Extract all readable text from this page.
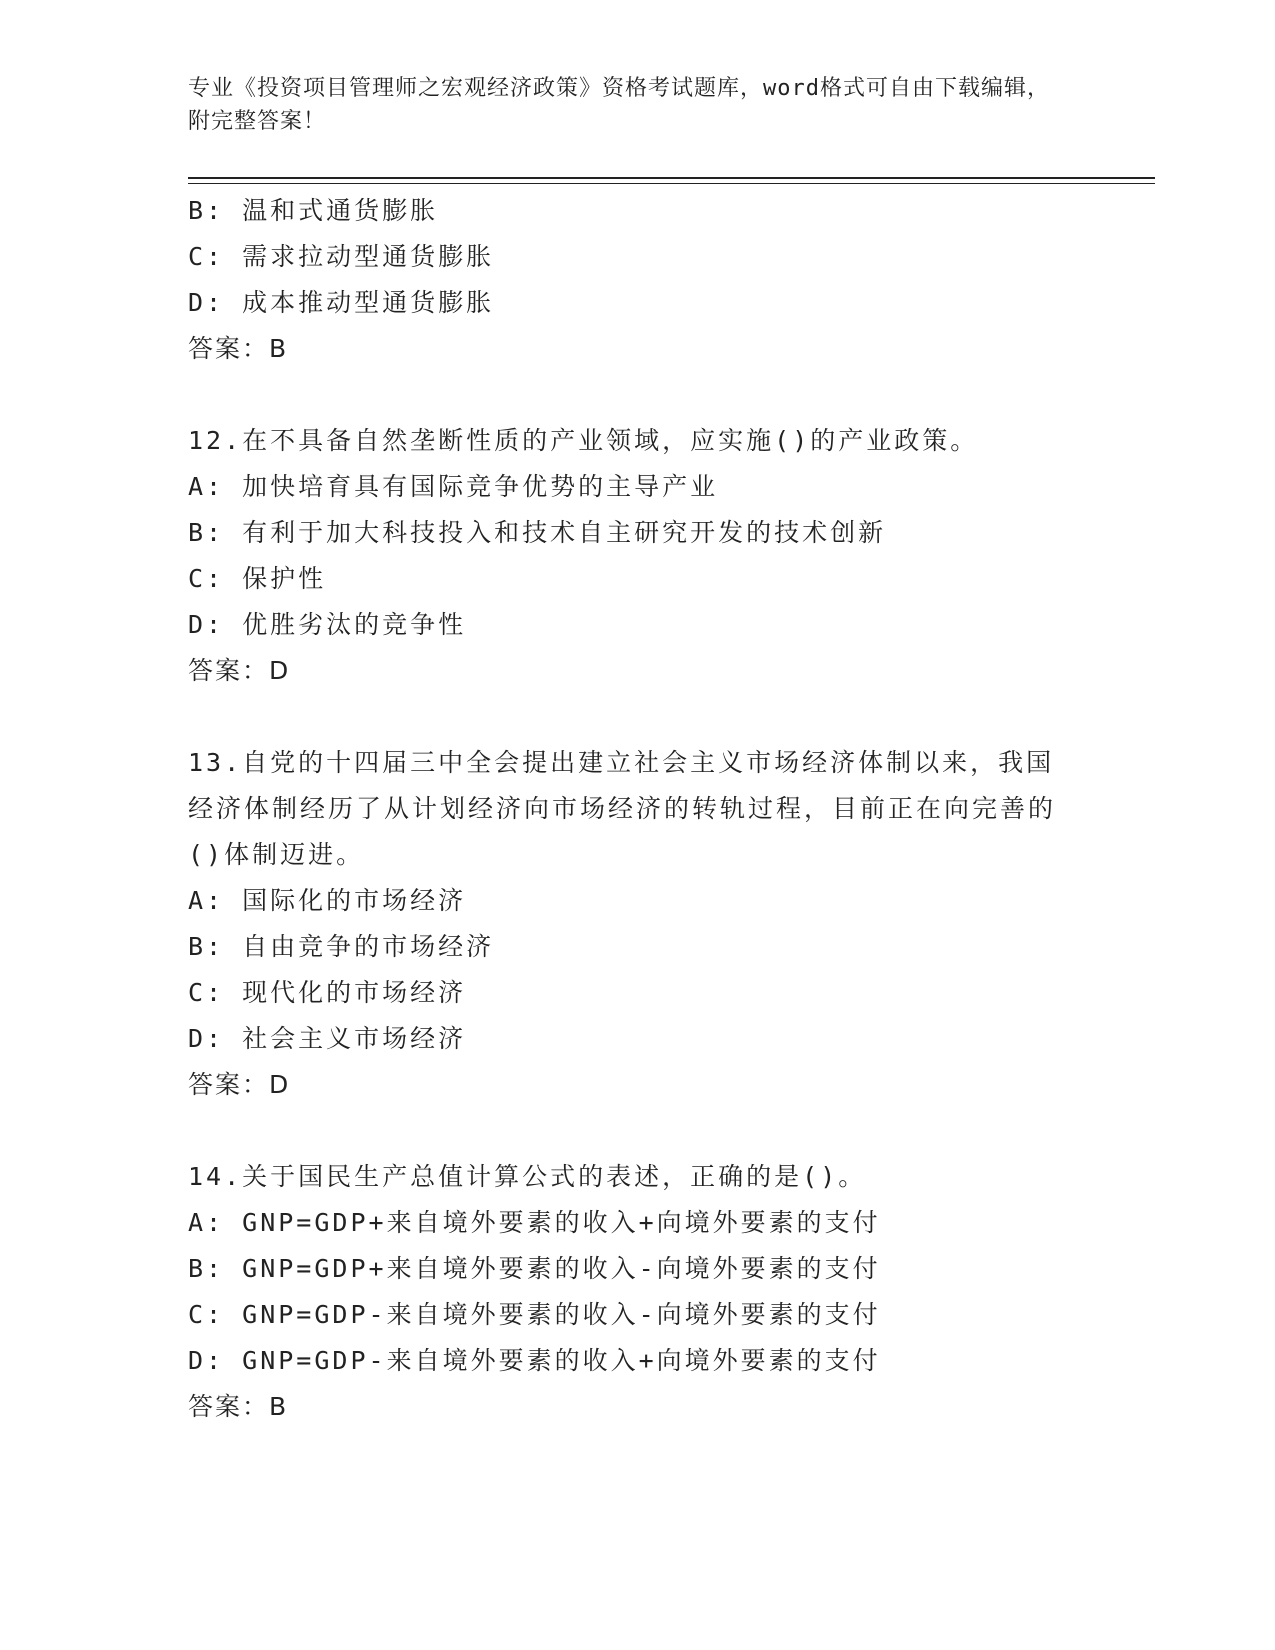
专业《投资项目管理师之宏观经济政策》资格考试题库，word格式可自由下载编辑，附完整答案！
B: 温和式通货膨胀
C: 需求拉动型通货膨胀
D: 成本推动型通货膨胀
答案：B
12.在不具备自然垄断性质的产业领域，应实施()的产业政策。
A: 加快培育具有国际竞争优势的主导产业
B: 有利于加大科技投入和技术自主研究开发的技术创新
C: 保护性
D: 优胜劣汰的竞争性
答案：D
13.自党的十四届三中全会提出建立社会主义市场经济体制以来，我国经济体制经历了从计划经济向市场经济的转轨过程，目前正在向完善的()体制迈进。
A: 国际化的市场经济
B: 自由竞争的市场经济
C: 现代化的市场经济
D: 社会主义市场经济
答案：D
14.关于国民生产总值计算公式的表述，正确的是()。
A: GNP=GDP+来自境外要素的收入+向境外要素的支付
B: GNP=GDP+来自境外要素的收入-向境外要素的支付
C: GNP=GDP-来自境外要素的收入-向境外要素的支付
D: GNP=GDP-来自境外要素的收入+向境外要素的支付
答案：B
